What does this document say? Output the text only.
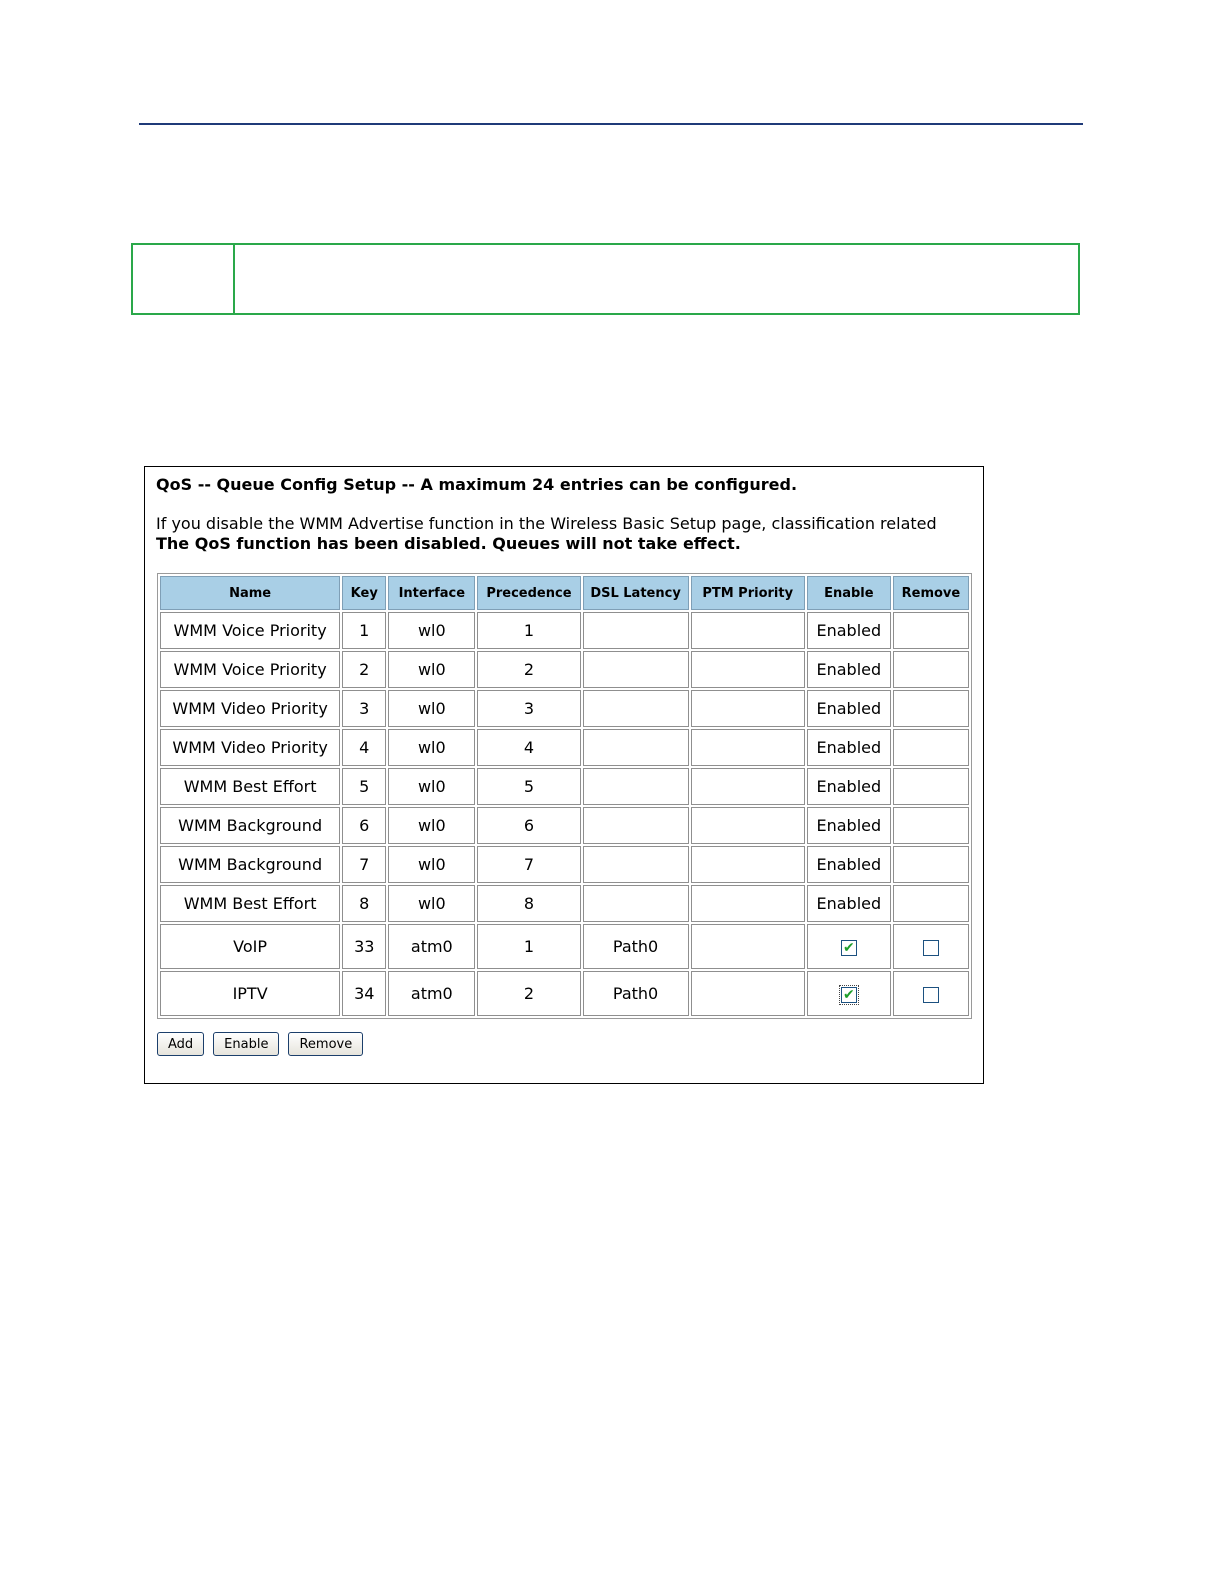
QoS -- Queue Config Setup -- A maximum 24 entries can be configured.
If you disable the WMM Advertise function in the Wireless Basic Setup page, classification related
The QoS function has been disabled. Queues will not take effect.
Name	Key	Interface	Precedence	DSL Latency	PTM Priority	Enable	Remove
WMM Voice Priority	1	wl0	1			Enabled	
WMM Voice Priority	2	wl0	2			Enabled	
WMM Video Priority	3	wl0	3			Enabled	
WMM Video Priority	4	wl0	4			Enabled	
WMM Best Effort	5	wl0	5			Enabled	
WMM Background	6	wl0	6			Enabled	
WMM Background	7	wl0	7			Enabled	
WMM Best Effort	8	wl0	8			Enabled	
VoIP	33	atm0	1	Path0		✔	
IPTV	34	atm0	2	Path0		✔	
Add	Enable	Remove
